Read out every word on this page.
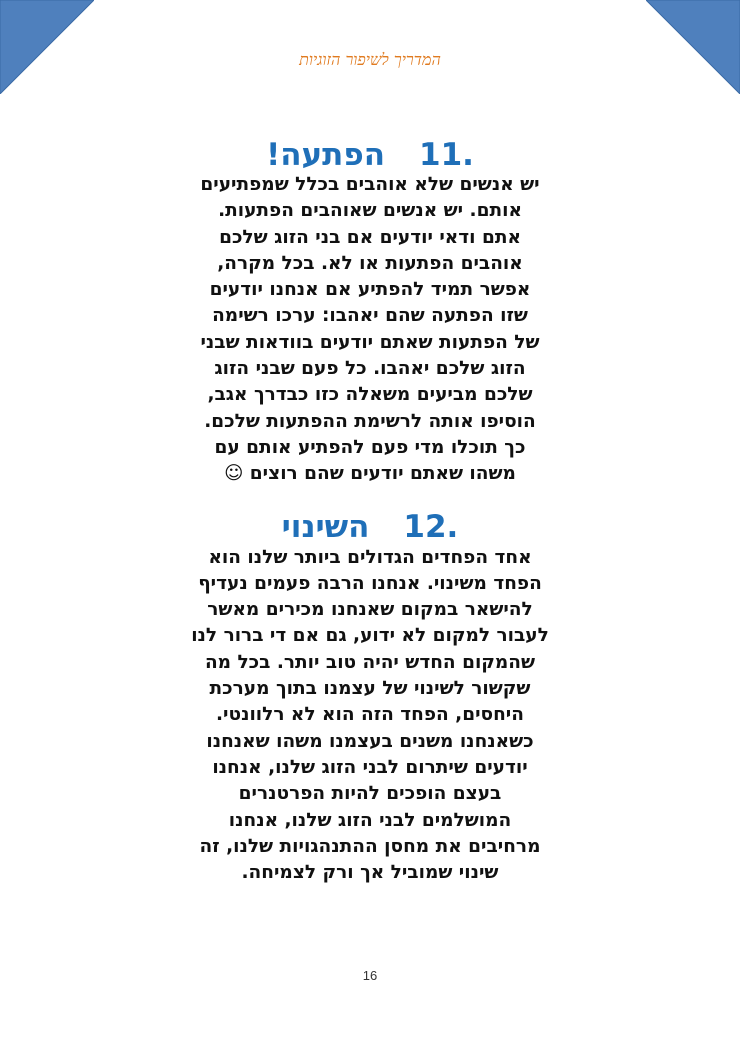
המדריך לשיפור הזוגיות
11.
הפתעה!
יש אנשים שלא אוהבים בכלל שמפתיעים
אותם. יש אנשים שאוהבים הפתעות.
אתם ודאי יודעים אם בני הזוג שלכם
אוהבים הפתעות או לא. בכל מקרה,
אפשר תמיד להפתיע אם אנחנו יודעים
שזו הפתעה שהם יאהבו: ערכו רשימה
של הפתעות שאתם יודעים בוודאות שבני
הזוג שלכם יאהבו. כל פעם שבני הזוג
שלכם מביעים משאלה כזו כבדרך אגב,
הוסיפו אותה לרשימת ההפתעות שלכם.
כך תוכלו מדי פעם להפתיע אותם עם
משהו שאתם יודעים שהם רוצים ☺
12.
השינוי
אחד הפחדים הגדולים ביותר שלנו הוא
הפחד משינוי. אנחנו הרבה פעמים נעדיף
להישאר במקום שאנחנו מכירים מאשר
לעבור למקום לא ידוע, גם אם די ברור לנו
שהמקום החדש יהיה טוב יותר. בכל מה
שקשור לשינוי של עצמנו בתוך מערכת
היחסים, הפחד הזה הוא לא רלוונטי.
כשאנחנו משנים בעצמנו משהו שאנחנו
יודעים שיתרום לבני הזוג שלנו, אנחנו
בעצם הופכים להיות הפרטנרים
המושלמים לבני הזוג שלנו, אנחנו
מרחיבים את מחסן ההתנהגויות שלנו, זה
שינוי שמוביל אך ורק לצמיחה.
16
